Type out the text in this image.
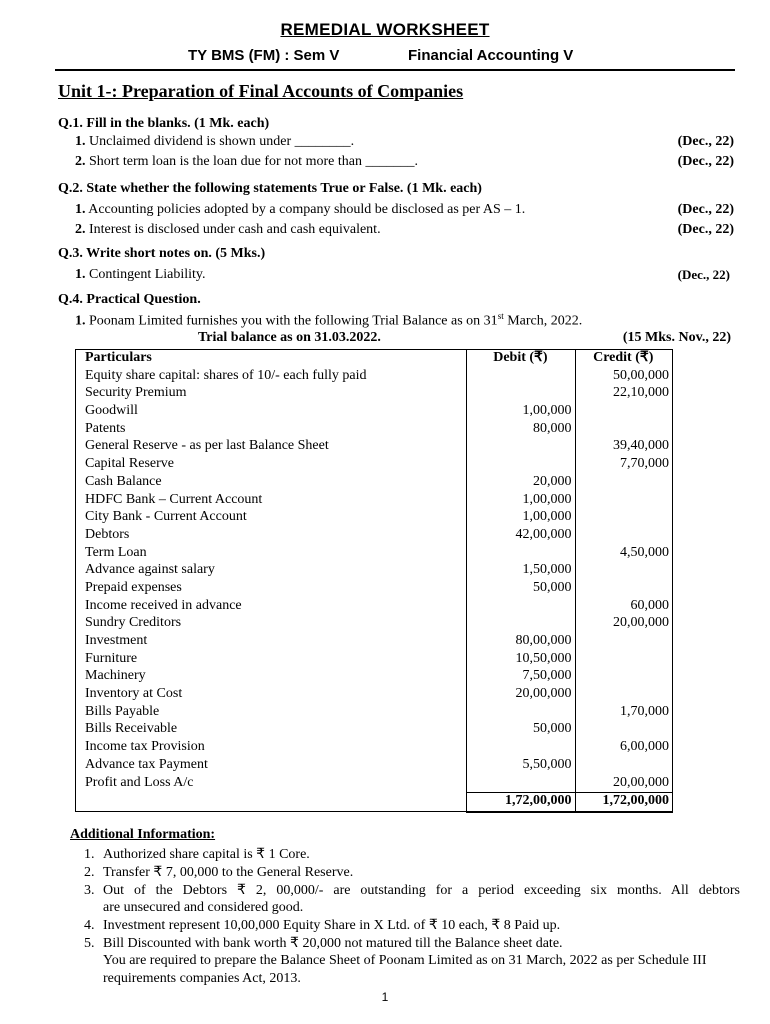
REMEDIAL WORKSHEET
TY BMS (FM) : Sem V	Financial Accounting V
Unit 1-: Preparation of Final Accounts of Companies
Q.1. Fill in the blanks. (1 Mk. each)
1. Unclaimed dividend is shown under ________.	(Dec., 22)
2. Short term loan is the loan due for not more than _______.	(Dec., 22)
Q.2. State whether the following statements True or False. (1 Mk. each)
1. Accounting policies adopted by a company should be disclosed as per AS – 1.	(Dec., 22)
2. Interest is disclosed under cash and cash equivalent.	(Dec., 22)
Q.3. Write short notes on. (5 Mks.)
1. Contingent Liability.	(Dec., 22)
Q.4. Practical Question.
1. Poonam Limited furnishes you with the following Trial Balance as on 31st March, 2022.
Trial balance as on 31.03.2022.	(15 Mks. Nov., 22)
Particulars	Debit (₹)	Credit (₹)
Equity share capital: shares of 10/- each fully paid		50,00,000
Security Premium		22,10,000
Goodwill	1,00,000	
Patents	80,000	
General Reserve - as per last Balance Sheet		39,40,000
Capital Reserve		7,70,000
Cash Balance	20,000	
HDFC Bank – Current Account	1,00,000	
City Bank - Current Account	1,00,000	
Debtors	42,00,000	
Term Loan		4,50,000
Advance against salary	1,50,000	
Prepaid expenses	50,000	
Income received in advance		60,000
Sundry Creditors		20,00,000
Investment	80,00,000	
Furniture	10,50,000	
Machinery	7,50,000	
Inventory at Cost	20,00,000	
Bills Payable		1,70,000
Bills Receivable	50,000	
Income tax Provision		6,00,000
Advance tax Payment	5,50,000	
Profit and Loss A/c		20,00,000
	1,72,00,000	1,72,00,000
Additional Information:
1. Authorized share capital is ₹ 1 Core.
2. Transfer ₹ 7, 00,000 to the General Reserve.
3. Out of the Debtors ₹ 2, 00,000/- are outstanding for a period exceeding six months. All debtors
are unsecured and considered good.
4. Investment represent 10,00,000 Equity Share in X Ltd. of ₹ 10 each, ₹ 8 Paid up.
5. Bill Discounted with bank worth ₹ 20,000 not matured till the Balance sheet date.
You are required to prepare the Balance Sheet of Poonam Limited as on 31 March, 2022 as per Schedule III requirements companies Act, 2013.
1
